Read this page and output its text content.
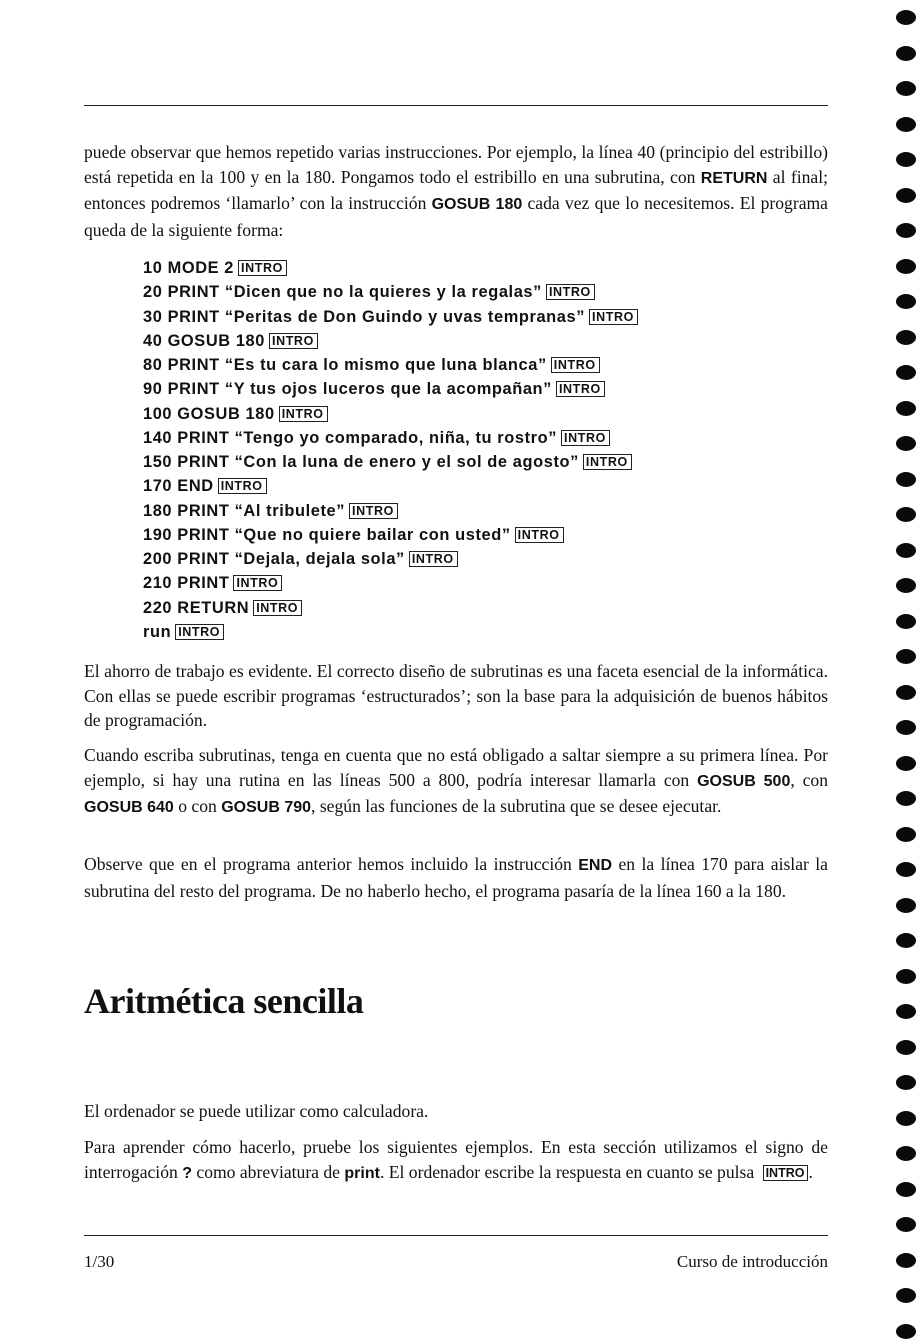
puede observar que hemos repetido varias instrucciones. Por ejemplo, la línea 40 (principio del estribillo) está repetida en la 100 y en la 180. Pongamos todo el estribillo en una subrutina, con RETURN al final; entonces podremos ‘llamarlo’ con la instrucción GOSUB 180 cada vez que lo necesitemos. El programa queda de la siguiente forma:

10 MODE 2 INTRO
20 PRINT “Dicen que no la quieres y la regalas” INTRO
30 PRINT “Peritas de Don Guindo y uvas tempranas” INTRO
40 GOSUB 180 INTRO
80 PRINT “Es tu cara lo mismo que luna blanca” INTRO
90 PRINT “Y tus ojos luceros que la acompañan” INTRO
100 GOSUB 180 INTRO
140 PRINT “Tengo yo comparado, niña, tu rostro” INTRO
150 PRINT “Con la luna de enero y el sol de agosto” INTRO
170 END INTRO
180 PRINT “Al tribulete” INTRO
190 PRINT “Que no quiere bailar con usted” INTRO
200 PRINT “Dejala, dejala sola” INTRO
210 PRINT INTRO
220 RETURN INTRO
run INTRO

El ahorro de trabajo es evidente. El correcto diseño de subrutinas es una faceta esencial de la informática. Con ellas se puede escribir programas ‘estructurados’; son la base para la adquisición de buenos hábitos de programación.

Cuando escriba subrutinas, tenga en cuenta que no está obligado a saltar siempre a su primera línea. Por ejemplo, si hay una rutina en las líneas 500 a 800, podría interesar llamarla con GOSUB 500, con GOSUB 640 o con GOSUB 790, según las funciones de la subrutina que se desee ejecutar.

Observe que en el programa anterior hemos incluido la instrucción END en la línea 170 para aislar la subrutina del resto del programa. De no haberlo hecho, el programa pasaría de la línea 160 a la 180.

Aritmética sencilla

El ordenador se puede utilizar como calculadora.

Para aprender cómo hacerlo, pruebe los siguientes ejemplos. En esta sección utilizamos el signo de interrogación ? como abreviatura de print. El ordenador escribe la respuesta en cuanto se pulsa INTRO .

1/30	Curso de introducción
